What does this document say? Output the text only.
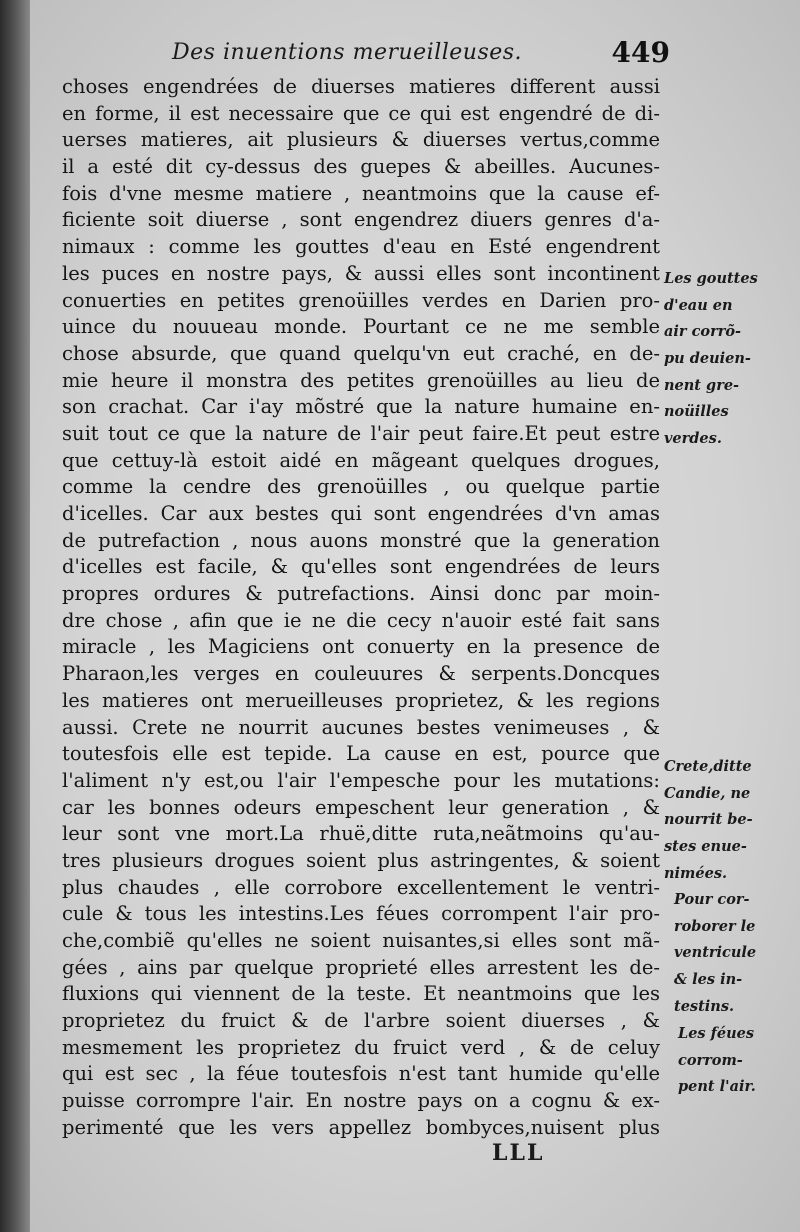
Des inuentions merueilleuses.	449
choses engendrées de diuerses matieres different aussi
en forme, il est necessaire que ce qui est engendré de di-
uerses matieres, ait plusieurs & diuerses vertus,comme
il a esté dit cy-dessus des guepes & abeilles. Aucunes-
fois d'vne mesme matiere , neantmoins que la cause ef-
ficiente soit diuerse , sont engendrez diuers genres d'a-
nimaux : comme les gouttes d'eau en Esté engendrent
les puces en nostre pays, & aussi elles sont incontinent
conuerties en petites grenoüilles verdes en Darien pro-
uince du nouueau monde. Pourtant ce ne me semble
chose absurde, que quand quelqu'vn eut craché, en de-
mie heure il monstra des petites grenoüilles au lieu de
son crachat. Car i'ay mõstré que la nature humaine en-
suit tout ce que la nature de l'air peut faire.Et peut estre
que cettuy-là estoit aidé en mãgeant quelques drogues,
comme la cendre des grenoüilles , ou quelque partie
d'icelles. Car aux bestes qui sont engendrées d'vn amas
de putrefaction , nous auons monstré que la generation
d'icelles est facile, & qu'elles sont engendrées de leurs
propres ordures & putrefactions. Ainsi donc par moin-
dre chose , afin que ie ne die cecy n'auoir esté fait sans
miracle , les Magiciens ont conuerty en la presence de
Pharaon,les verges en couleuures & serpents.Doncques
les matieres ont merueilleuses proprietez, & les regions
aussi. Crete ne nourrit aucunes bestes venimeuses , &
toutesfois elle est tepide. La cause en est, pource que
l'aliment n'y est,ou l'air l'empesche pour les mutations:
car les bonnes odeurs empeschent leur generation , &
leur sont vne mort.La rhuë,ditte ruta,neãtmoins qu'au-
tres plusieurs drogues soient plus astringentes, & soient
plus chaudes , elle corrobore excellentement le ventri-
cule & tous les intestins.Les féues corrompent l'air pro-
che,combiẽ qu'elles ne soient nuisantes,si elles sont mã-
gées , ains par quelque proprieté elles arrestent les de-
fluxions qui viennent de la teste. Et neantmoins que les
proprietez du fruict & de l'arbre soient diuerses , &
mesmement les proprietez du fruict verd , & de celuy
qui est sec , la féue toutesfois n'est tant humide qu'elle
puisse corrompre l'air. En nostre pays on a cognu & ex-
perimenté que les vers appellez bombyces,nuisent plus
Les gouttes
d'eau en
air corrõ-
pu deuien-
nent gre-
noüilles
verdes.
Crete,ditte
Candie, ne
nourrit be-
stes enue-
nimées.
Pour cor-
roborer le
ventricule
& les in-
testins.
Les féues
corrom-
pent l'air.
LLL
